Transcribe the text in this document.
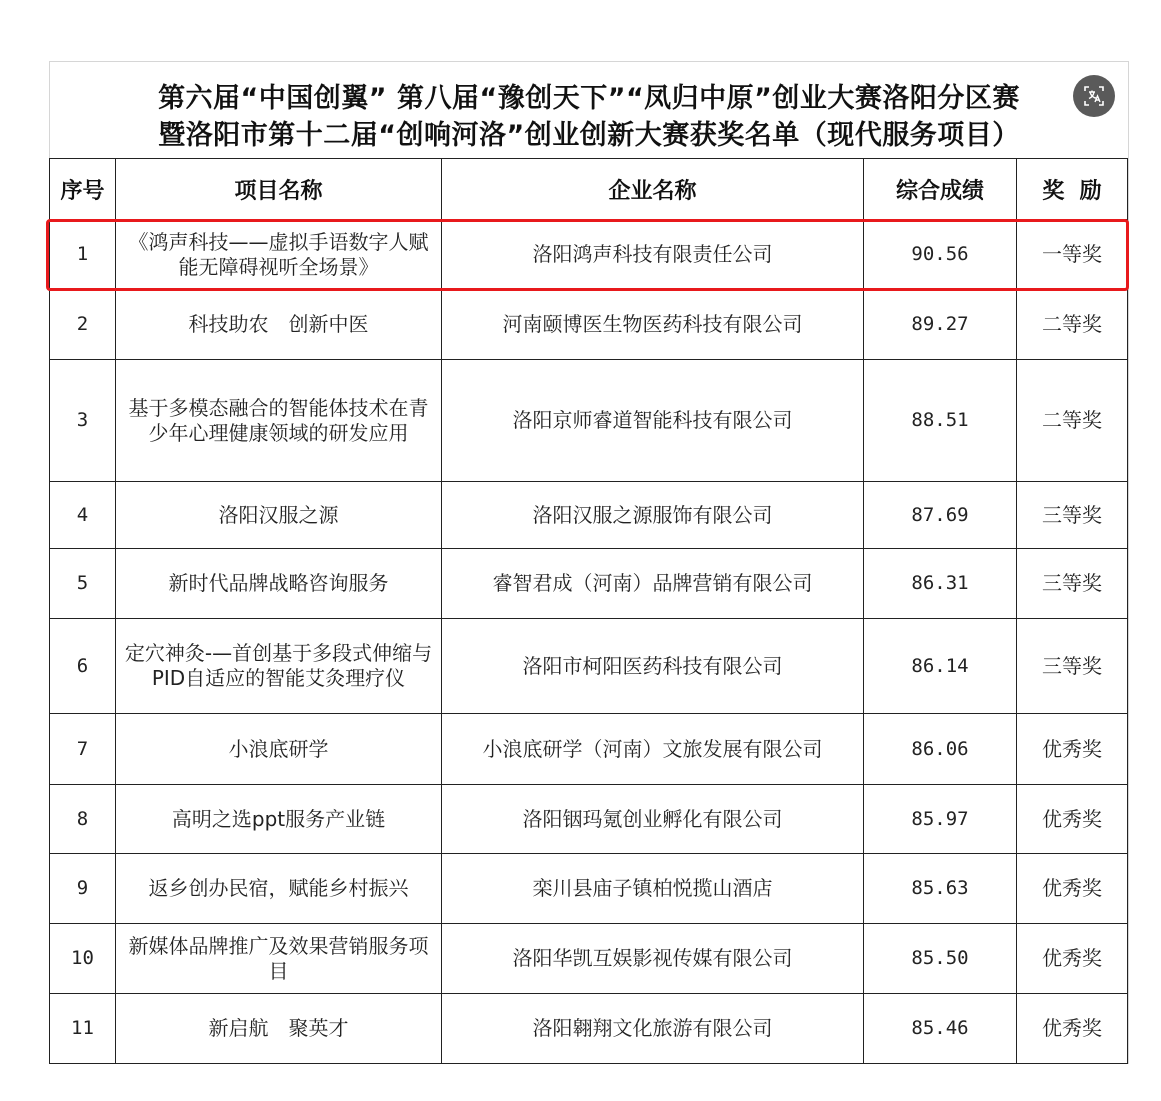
第六届“中国创翼” 第八届“豫创天下”“凤归中原”创业大赛洛阳分区赛
暨洛阳市第十二届“创响河洛”创业创新大赛获奖名单（现代服务项目）
序号	项目名称	企业名称	综合成绩	奖  励
1	《鸿声科技——虚拟手语数字人赋能无障碍视听全场景》	洛阳鸿声科技有限责任公司	90.56	一等奖
2	科技助农　创新中医	河南颐博医生物医药科技有限公司	89.27	二等奖
3	基于多模态融合的智能体技术在青少年心理健康领域的研发应用	洛阳京师睿道智能科技有限公司	88.51	二等奖
4	洛阳汉服之源	洛阳汉服之源服饰有限公司	87.69	三等奖
5	新时代品牌战略咨询服务	睿智君成（河南）品牌营销有限公司	86.31	三等奖
6	定穴神灸-—首创基于多段式伸缩与PID自适应的智能艾灸理疗仪	洛阳市柯阳医药科技有限公司	86.14	三等奖
7	小浪底研学	小浪底研学（河南）文旅发展有限公司	86.06	优秀奖
8	高明之选ppt服务产业链	洛阳铟玛氪创业孵化有限公司	85.97	优秀奖
9	返乡创办民宿，赋能乡村振兴	栾川县庙子镇柏悦揽山酒店	85.63	优秀奖
10	新媒体品牌推广及效果营销服务项目	洛阳华凯互娱影视传媒有限公司	85.50	优秀奖
11	新启航　聚英才	洛阳翱翔文化旅游有限公司	85.46	优秀奖
